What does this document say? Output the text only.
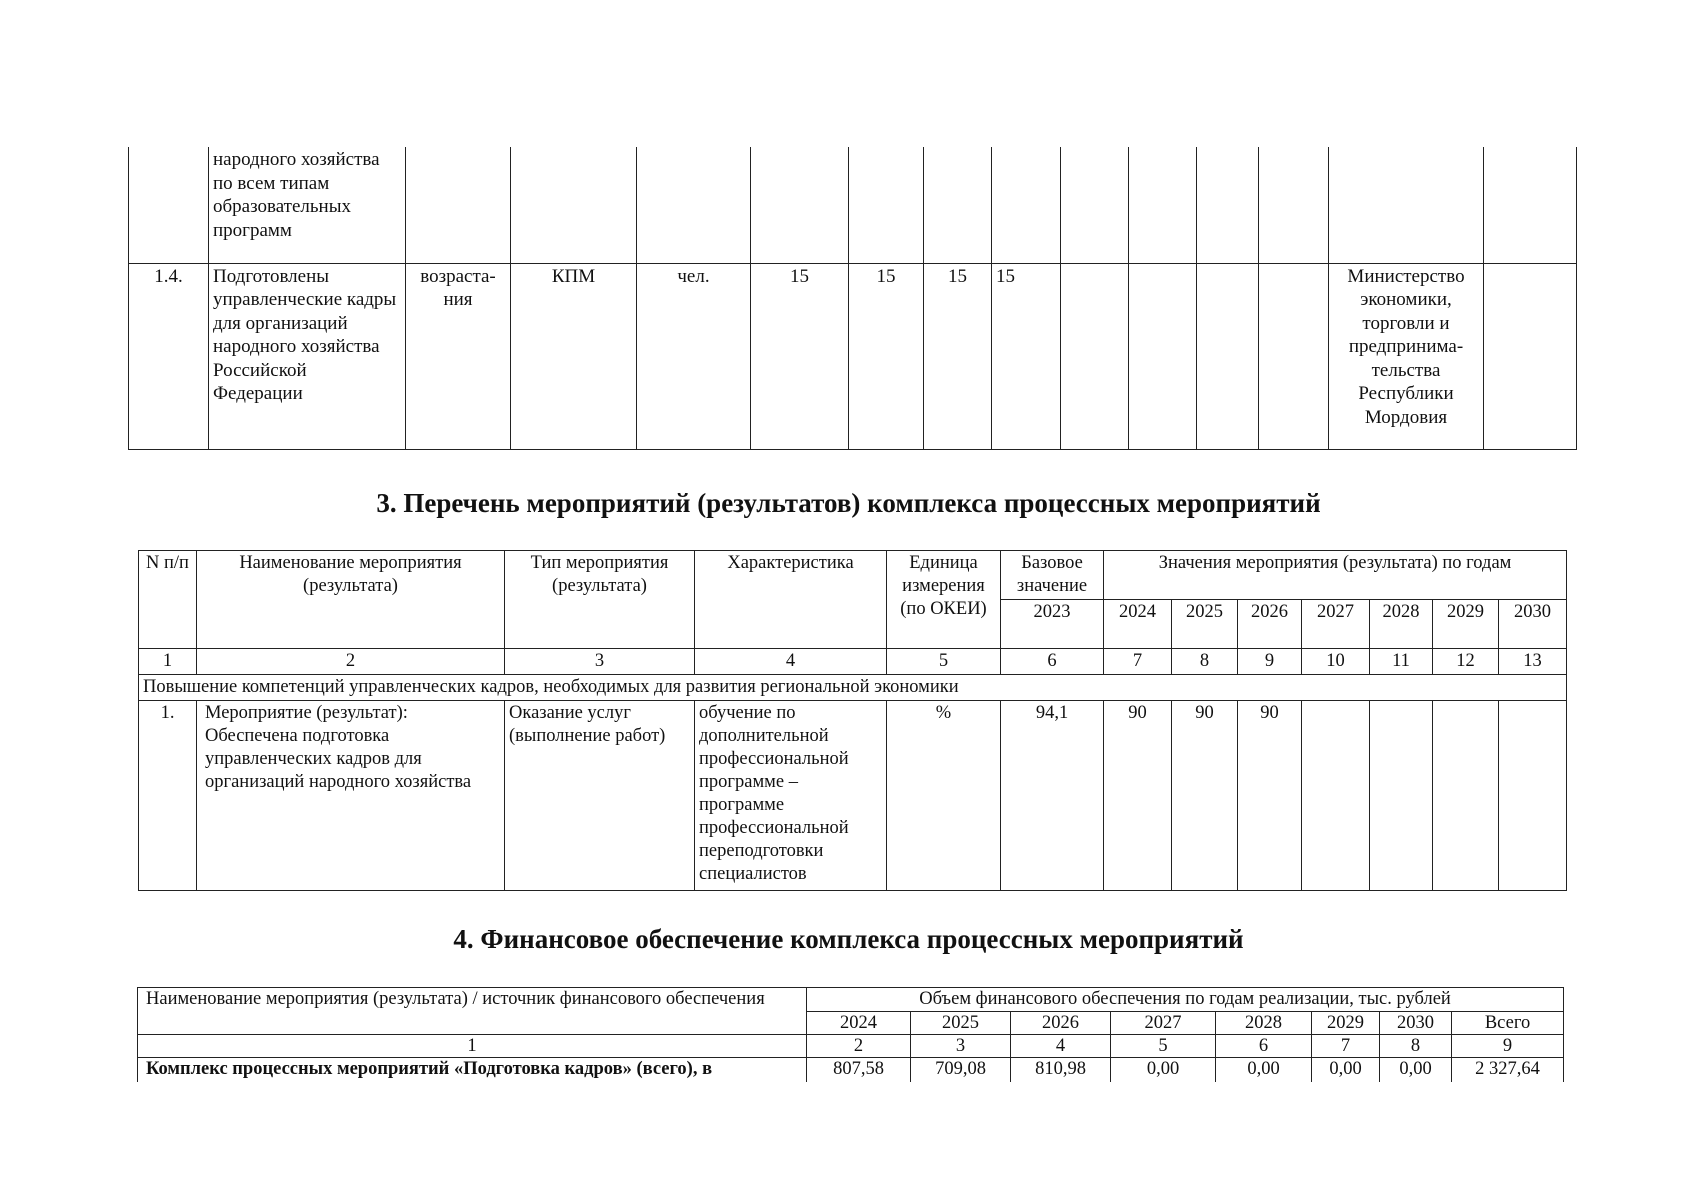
	народного хозяйства по всем типам образовательных программ													
1.4.	Подготовлены управленческие кадры для организаций народного хозяйства Российской Федерации	возраста-ния	КПМ	чел.	15	15	15	15					Министерство экономики, торговли и предпринима-тельства Республики Мордовия	
3. Перечень мероприятий (результатов) комплекса процессных мероприятий
N п/п	Наименование мероприятия (результата)	Тип мероприятия (результата)	Характеристика	Единица измерения (по ОКЕИ)	Базовое значение	Значения мероприятия (результата) по годам						
					2023	2024	2025	2026	2027	2028	2029	2030
1	2	3	4	5	6	7	8	9	10	11	12	13
Повышение компетенций управленческих кадров, необходимых для развития региональной экономики												
1.	Мероприятие (результат): Обеспечена подготовка управленческих кадров для организаций народного хозяйства	Оказание услуг (выполнение работ)	обучение по дополнительной профессиональной программе – программе профессиональной переподготовки специалистов	%	94,1	90	90	90				
4. Финансовое обеспечение комплекса процессных мероприятий
Наименование мероприятия (результата) / источник финансового обеспечения	Объем финансового обеспечения по годам реализации, тыс. рублей							
	2024	2025	2026	2027	2028	2029	2030	Всего
1	2	3	4	5	6	7	8	9
Комплекс процессных мероприятий «Подготовка кадров» (всего), в	807,58	709,08	810,98	0,00	0,00	0,00	0,00	2 327,64
